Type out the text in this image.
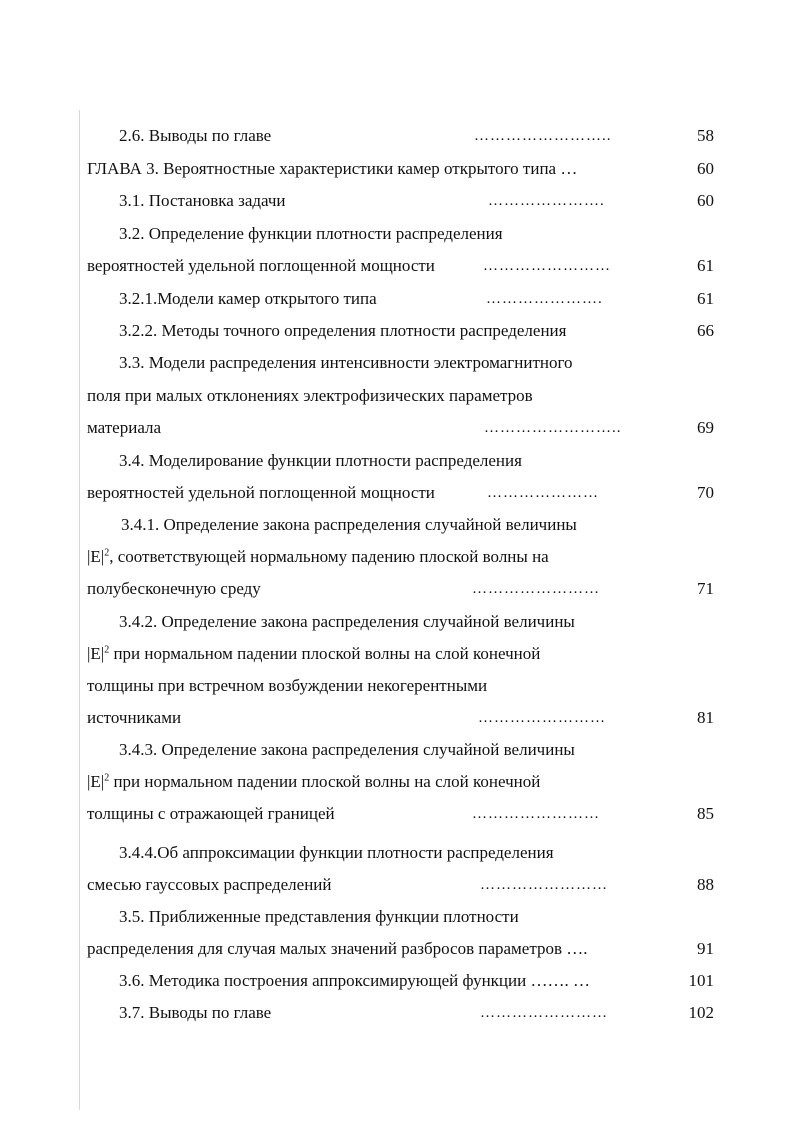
2.6. Выводы по главе	……………………..	58
ГЛАВА 3. Вероятностные характеристики камер открытого типа …	60
3.1. Постановка задачи	………………….	60
3.2. Определение функции плотности распределения
вероятностей удельной поглощенной мощности	……………………	61
3.2.1.Модели камер открытого типа	………………….	61
3.2.2. Методы точного определения плотности распределения	66
3.3. Модели распределения интенсивности электромагнитного
поля при малых отклонениях электрофизических параметров
материала	……………………..	69
3.4. Моделирование функции плотности распределения
вероятностей удельной поглощенной мощности	…………………	70
3.4.1. Определение закона распределения случайной величины
$|E|^2$, соответствующей нормальному падению плоской волны на
полубесконечную среду	……………………	71
3.4.2. Определение закона распределения случайной величины
$|E|^2$ при нормальном падении плоской волны на слой конечной
толщины при встречном возбуждении некогерентными
источниками	……………………	81
3.4.3. Определение закона распределения случайной величины
$|E|^2$ при нормальном падении плоской волны на слой конечной
толщины с отражающей границей	……………………	85
3.4.4.Об аппроксимации функции плотности распределения
смесью гауссовых распределений	……………………	88
3.5. Приближенные представления функции плотности
распределения для случая малых значений разбросов параметров ….	91
3.6. Методика построения аппроксимирующей функции ……. …	101
3.7. Выводы по главе	……………………	102
